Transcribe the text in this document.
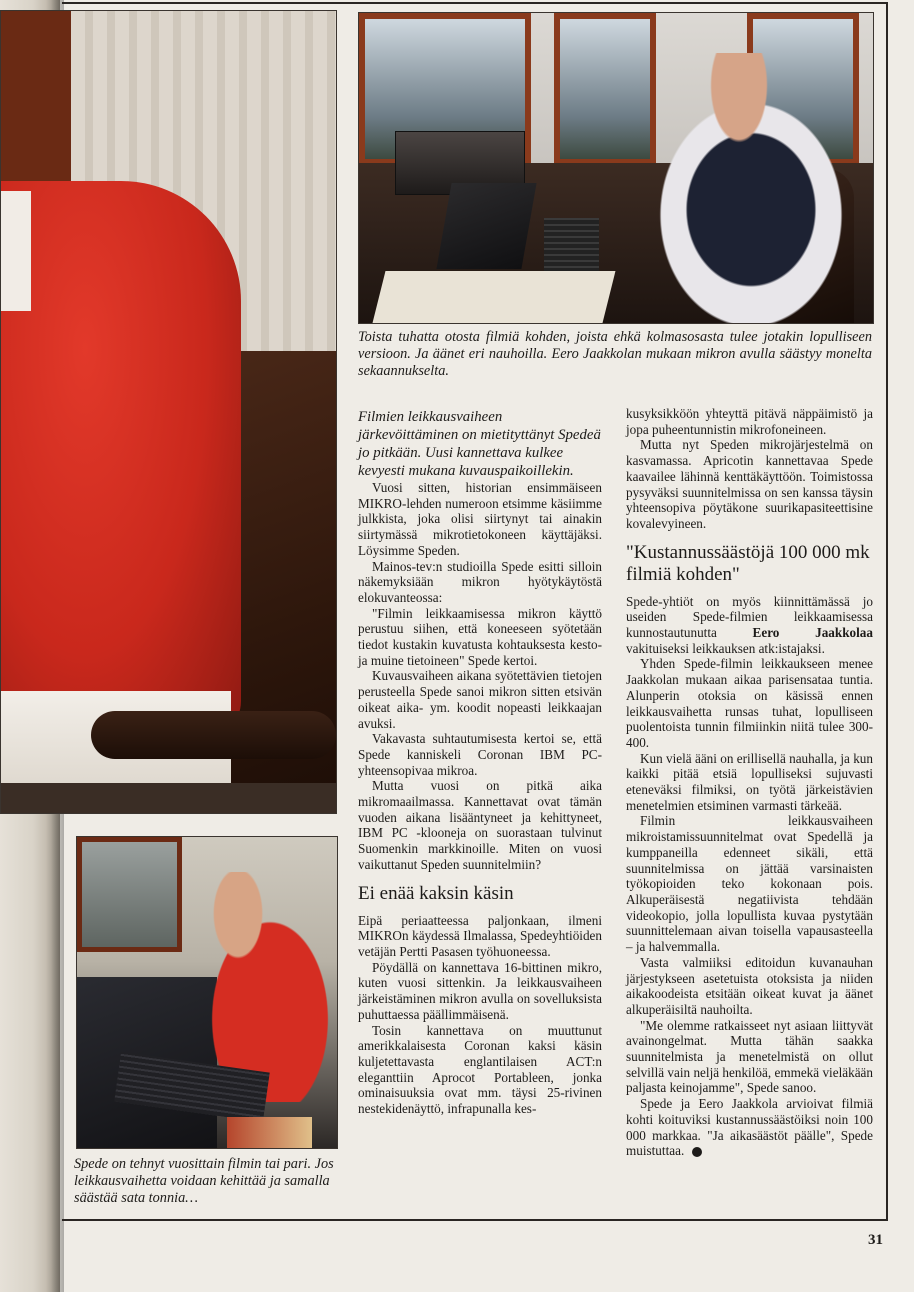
Toista tuhatta otosta filmiä kohden, joista ehkä kolmasosasta tulee jotakin lopulliseen versioon. Ja äänet eri nauhoilla. Eero Jaakkolan mukaan mikron avulla säästyy monelta sekaannukselta.
Spede on tehnyt vuosittain filmin tai pari. Jos leikkausvaihetta voidaan kehittää ja samalla säästää sata tonnia…

Filmien leikkausvaiheen järkevöittäminen on mietityttänyt Spedeä jo pitkään. Uusi kannettava kulkee kevyesti mukana kuvauspaikoillekin.

Vuosi sitten, historian ensimmäiseen MIKRO-lehden numeroon etsimme käsiimme julkkista, joka olisi siirtynyt tai ainakin siirtymässä mikrotietokoneen käyttäjäksi. Löysimme Speden.

Mainos-tev:n studioilla Spede esitti silloin näkemyksiään mikron hyötykäytöstä elokuvanteossa:

"Filmin leikkaamisessa mikron käyttö perustuu siihen, että koneeseen syötetään tiedot kustakin kuvatusta kohtauksesta kesto- ja muine tietoineen" Spede kertoi.

Kuvausvaiheen aikana syötettävien tietojen perusteella Spede sanoi mikron sitten etsivän oikeat aika- ym. koodit nopeasti leikkaajan avuksi.

Vakavasta suhtautumisesta kertoi se, että Spede kanniskeli Coronan IBM PC-yhteensopivaa mikroa.

Mutta vuosi on pitkä aika mikromaailmassa. Kannettavat ovat tämän vuoden aikana lisääntyneet ja kehittyneet, IBM PC -klooneja on suorastaan tulvinut Suomenkin markkinoille. Miten on vuosi vaikuttanut Speden suunnitelmiin?

Ei enää kaksin käsin

Eipä periaatteessa paljonkaan, ilmeni MIKROn käydessä Ilmalassa, Spedeyhtiöiden vetäjän Pertti Pasasen työhuoneessa.

Pöydällä on kannettava 16-bittinen mikro, kuten vuosi sittenkin. Ja leikkausvaiheen järkeistäminen mikron avulla on sovelluksista puhuttaessa päällimmäisenä.

Tosin kannettava on muuttunut amerikkalaisesta Coronan kaksi käsin kuljetettavasta englantilaisen ACT:n eleganttiin Aprocot Portableen, jonka ominaisuuksia ovat mm. täysi 25-rivinen nestekidenäyttö, infrapunalla kes-

kusyksikköön yhteyttä pitävä näppäimistö ja jopa puheentunnistin mikrofoneineen.

Mutta nyt Speden mikrojärjestelmä on kasvamassa. Apricotin kannettavaa Spede kaavailee lähinnä kenttäkäyttöön. Toimistossa pysyväksi suunnitelmissa on sen kanssa täysin yhteensopiva pöytäkone suurikapasiteettisine kovalevyineen.

"Kustannussäästöjä 100 000 mk filmiä kohden"

Spede-yhtiöt on myös kiinnittämässä jo useiden Spede-filmien leikkaamisessa kunnostautunutta	Eero Jaakkolaa vakituiseksi leikkauksen atk:istajaksi.

Yhden Spede-filmin leikkaukseen menee Jaakkolan mukaan aikaa parisensataa tuntia. Alunperin otoksia on käsissä ennen leikkausvaihetta runsas tuhat, lopulliseen puolentoista tunnin filmiinkin niitä tulee 300-400.

Kun vielä ääni on erillisellä nauhalla, ja kun kaikki pitää etsiä lopulliseksi sujuvasti eteneväksi filmiksi, on työtä järkeistävien menetelmien etsiminen varmasti tärkeää.

Filmin leikkausvaiheen mikroistamissuunnitelmat ovat Spedellä ja kumppaneilla edenneet sikäli, että suunnitelmissa on jättää varsinaisten työkopioiden teko kokonaan pois. Alkuperäisestä negatiivista tehdään videokopio, jolla lopullista kuvaa pystytään suunnittelemaan aivan toisella vapausasteella – ja halvemmalla.

Vasta valmiiksi editoidun kuvanauhan järjestykseen asetetuista otoksista ja niiden aikakoodeista etsitään oikeat kuvat ja äänet alkuperäisiltä nauhoilta.

"Me olemme ratkaisseet nyt asiaan liittyvät avainongelmat. Mutta tähän saakka suunnitelmista ja menetelmistä on ollut selvillä vain neljä henkilöä, emmekä vieläkään paljasta keinojamme", Spede sanoo.

Spede ja Eero Jaakkola arvioivat filmiä kohti koituviksi kustannussäästöiksi noin 100 000 markkaa. "Ja aikasäästöt päälle", Spede muistuttaa.

31
